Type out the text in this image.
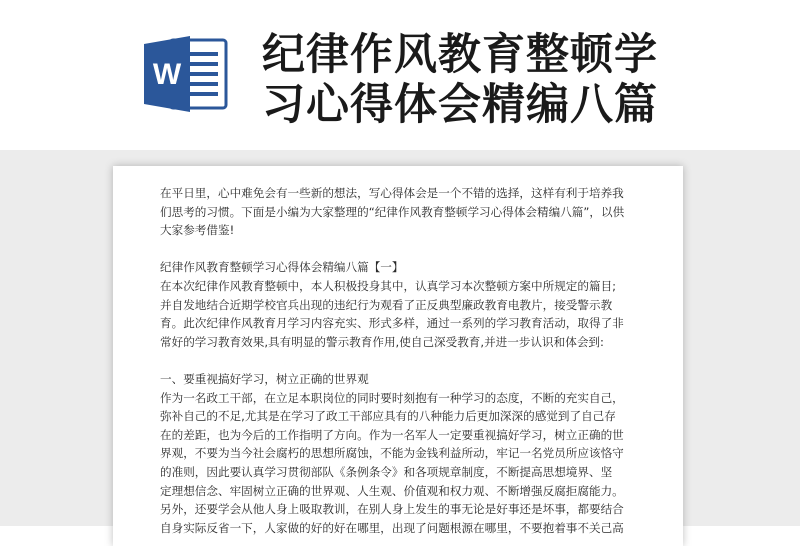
W 纪律作风教育整顿学
习心得体会精编八篇

在平日里，心中难免会有一些新的想法，写心得体会是一个不错的选择，这样有利于培养我

们思考的习惯。下面是小编为大家整理的“纪律作风教育整顿学习心得体会精编八篇”，以供

大家参考借鉴!

纪律作风教育整顿学习心得体会精编八篇【一】

在本次纪律作风教育整顿中，本人积极投身其中，认真学习本次整顿方案中所规定的篇目;

并自发地结合近期学校官兵出现的违纪行为观看了正反典型廉政教育电教片，接受警示教

育。此次纪律作风教育月学习内容充实、形式多样，通过一系列的学习教育活动，取得了非

常好的学习教育效果,具有明显的警示教育作用,使自己深受教育,并进一步认识和体会到:

一、要重视搞好学习，树立正确的世界观

作为一名政工干部，在立足本职岗位的同时要时刻抱有一种学习的态度，不断的充实自己，

弥补自己的不足,尤其是在学习了政工干部应具有的八种能力后更加深深的感觉到了自己存

在的差距，也为今后的工作指明了方向。作为一名军人一定要重视搞好学习，树立正确的世

界观，不要为当今社会腐朽的思想所腐蚀，不能为金钱利益所动，牢记一名党员所应该恪守

的准则，因此要认真学习贯彻部队《条例条令》和各项规章制度，不断提高思想境界、坚

定理想信念、牢固树立正确的世界观、人生观、价值观和权力观、不断增强反腐拒腐能力。

另外，还要学会从他人身上吸取教训，在别人身上发生的事无论是好事还是坏事，都要结合

自身实际反省一下，人家做的好的好在哪里，出现了问题根源在哪里，不要抱着事不关己高
